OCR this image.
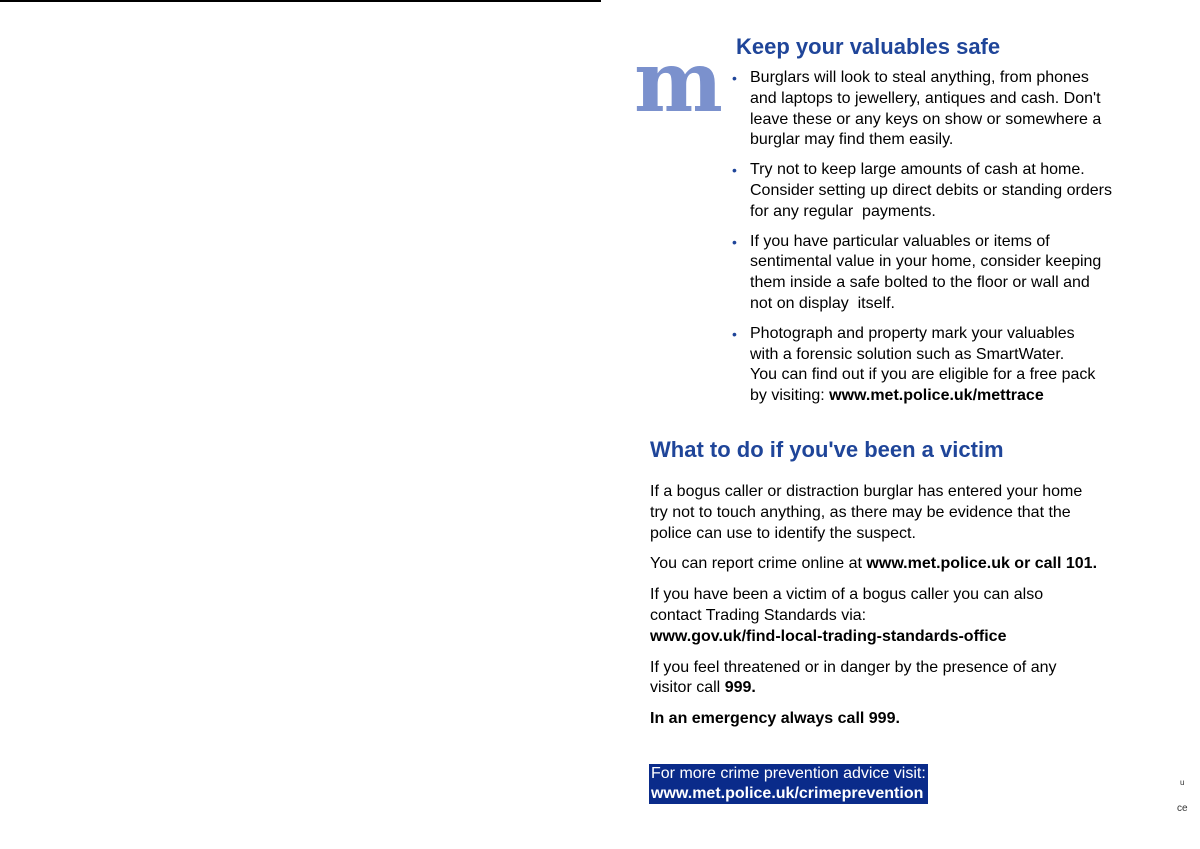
m Keep your valuables safe
• Burglars will look to steal anything, from phones
and laptops to jewellery, antiques and cash. Don't
leave these or any keys on show or somewhere a
burglar may find them easily.
• Try not to keep large amounts of cash at home.
Consider setting up direct debits or standing orders
for any regular  payments.
• If you have particular valuables or items of
sentimental value in your home, consider keeping
them inside a safe bolted to the floor or wall and
not on display  itself.
• Photograph and property mark your valuables
with a forensic solution such as SmartWater.
You can find out if you are eligible for a free pack
by visiting: www.met.police.uk/mettrace
What to do if you've been a victim

If a bogus caller or distraction burglar has entered your home
try not to touch anything, as there may be evidence that the
police can use to identify the suspect.

You can report crime online at www.met.police.uk or call 101.

If you have been a victim of a bogus caller you can also
contact Trading Standards via:
www.gov.uk/find-local-trading-standards-office

If you feel threatened or in danger by the presence of any
visitor call 999.

In an emergency always call 999.

For more crime prevention advice visit:
www.met.police.uk/crimeprevention
u
ce
